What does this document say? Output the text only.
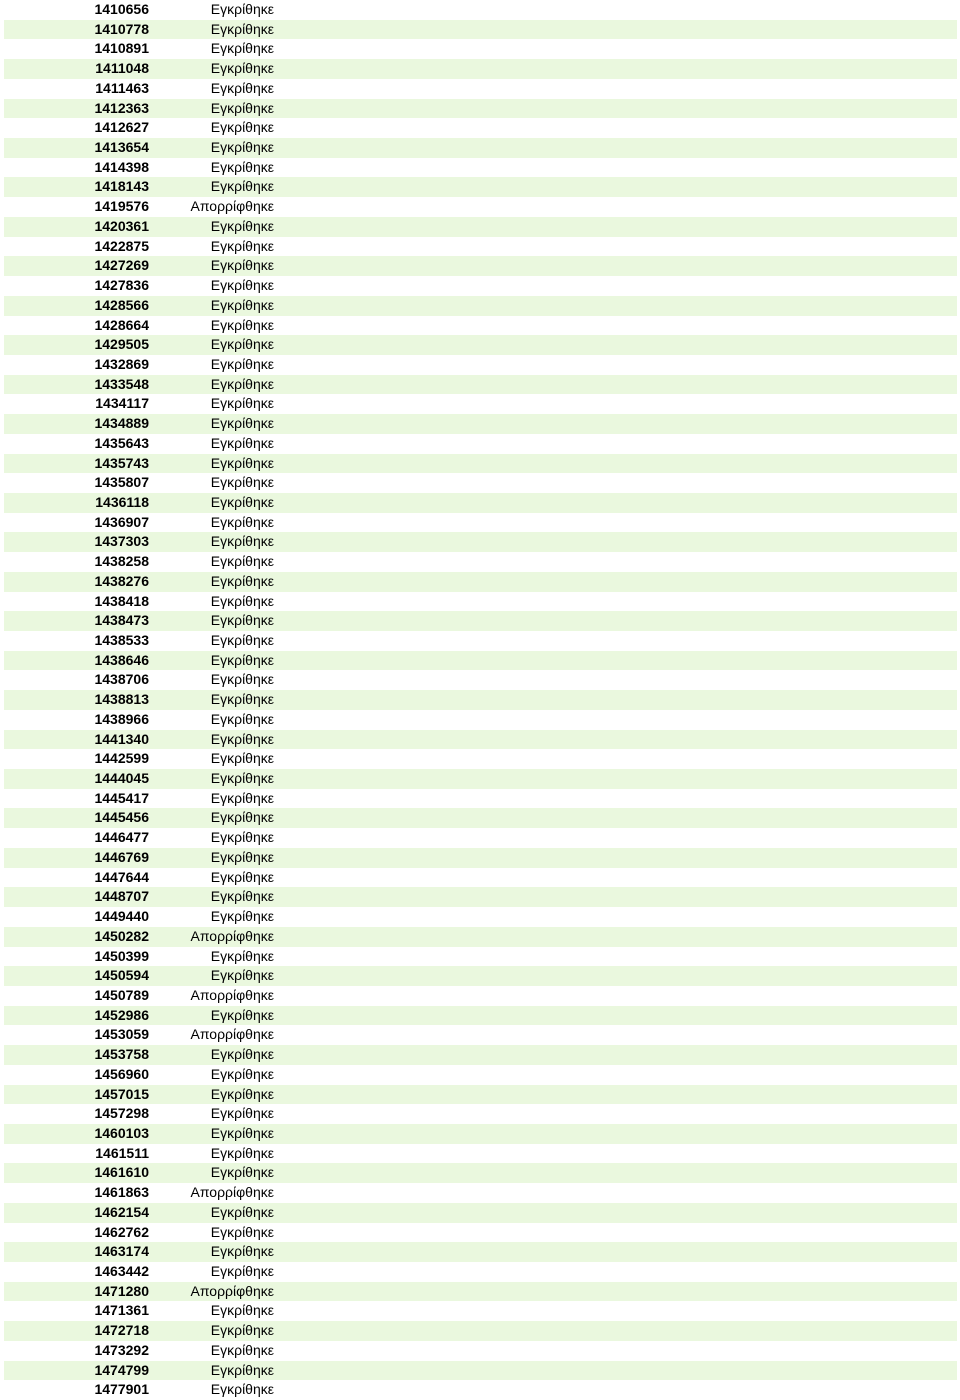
1410656	Εγκρίθηκε
1410778	Εγκρίθηκε
1410891	Εγκρίθηκε
1411048	Εγκρίθηκε
1411463	Εγκρίθηκε
1412363	Εγκρίθηκε
1412627	Εγκρίθηκε
1413654	Εγκρίθηκε
1414398	Εγκρίθηκε
1418143	Εγκρίθηκε
1419576	Απορρίφθηκε
1420361	Εγκρίθηκε
1422875	Εγκρίθηκε
1427269	Εγκρίθηκε
1427836	Εγκρίθηκε
1428566	Εγκρίθηκε
1428664	Εγκρίθηκε
1429505	Εγκρίθηκε
1432869	Εγκρίθηκε
1433548	Εγκρίθηκε
1434117	Εγκρίθηκε
1434889	Εγκρίθηκε
1435643	Εγκρίθηκε
1435743	Εγκρίθηκε
1435807	Εγκρίθηκε
1436118	Εγκρίθηκε
1436907	Εγκρίθηκε
1437303	Εγκρίθηκε
1438258	Εγκρίθηκε
1438276	Εγκρίθηκε
1438418	Εγκρίθηκε
1438473	Εγκρίθηκε
1438533	Εγκρίθηκε
1438646	Εγκρίθηκε
1438706	Εγκρίθηκε
1438813	Εγκρίθηκε
1438966	Εγκρίθηκε
1441340	Εγκρίθηκε
1442599	Εγκρίθηκε
1444045	Εγκρίθηκε
1445417	Εγκρίθηκε
1445456	Εγκρίθηκε
1446477	Εγκρίθηκε
1446769	Εγκρίθηκε
1447644	Εγκρίθηκε
1448707	Εγκρίθηκε
1449440	Εγκρίθηκε
1450282	Απορρίφθηκε
1450399	Εγκρίθηκε
1450594	Εγκρίθηκε
1450789	Απορρίφθηκε
1452986	Εγκρίθηκε
1453059	Απορρίφθηκε
1453758	Εγκρίθηκε
1456960	Εγκρίθηκε
1457015	Εγκρίθηκε
1457298	Εγκρίθηκε
1460103	Εγκρίθηκε
1461511	Εγκρίθηκε
1461610	Εγκρίθηκε
1461863	Απορρίφθηκε
1462154	Εγκρίθηκε
1462762	Εγκρίθηκε
1463174	Εγκρίθηκε
1463442	Εγκρίθηκε
1471280	Απορρίφθηκε
1471361	Εγκρίθηκε
1472718	Εγκρίθηκε
1473292	Εγκρίθηκε
1474799	Εγκρίθηκε
1477901	Εγκρίθηκε
